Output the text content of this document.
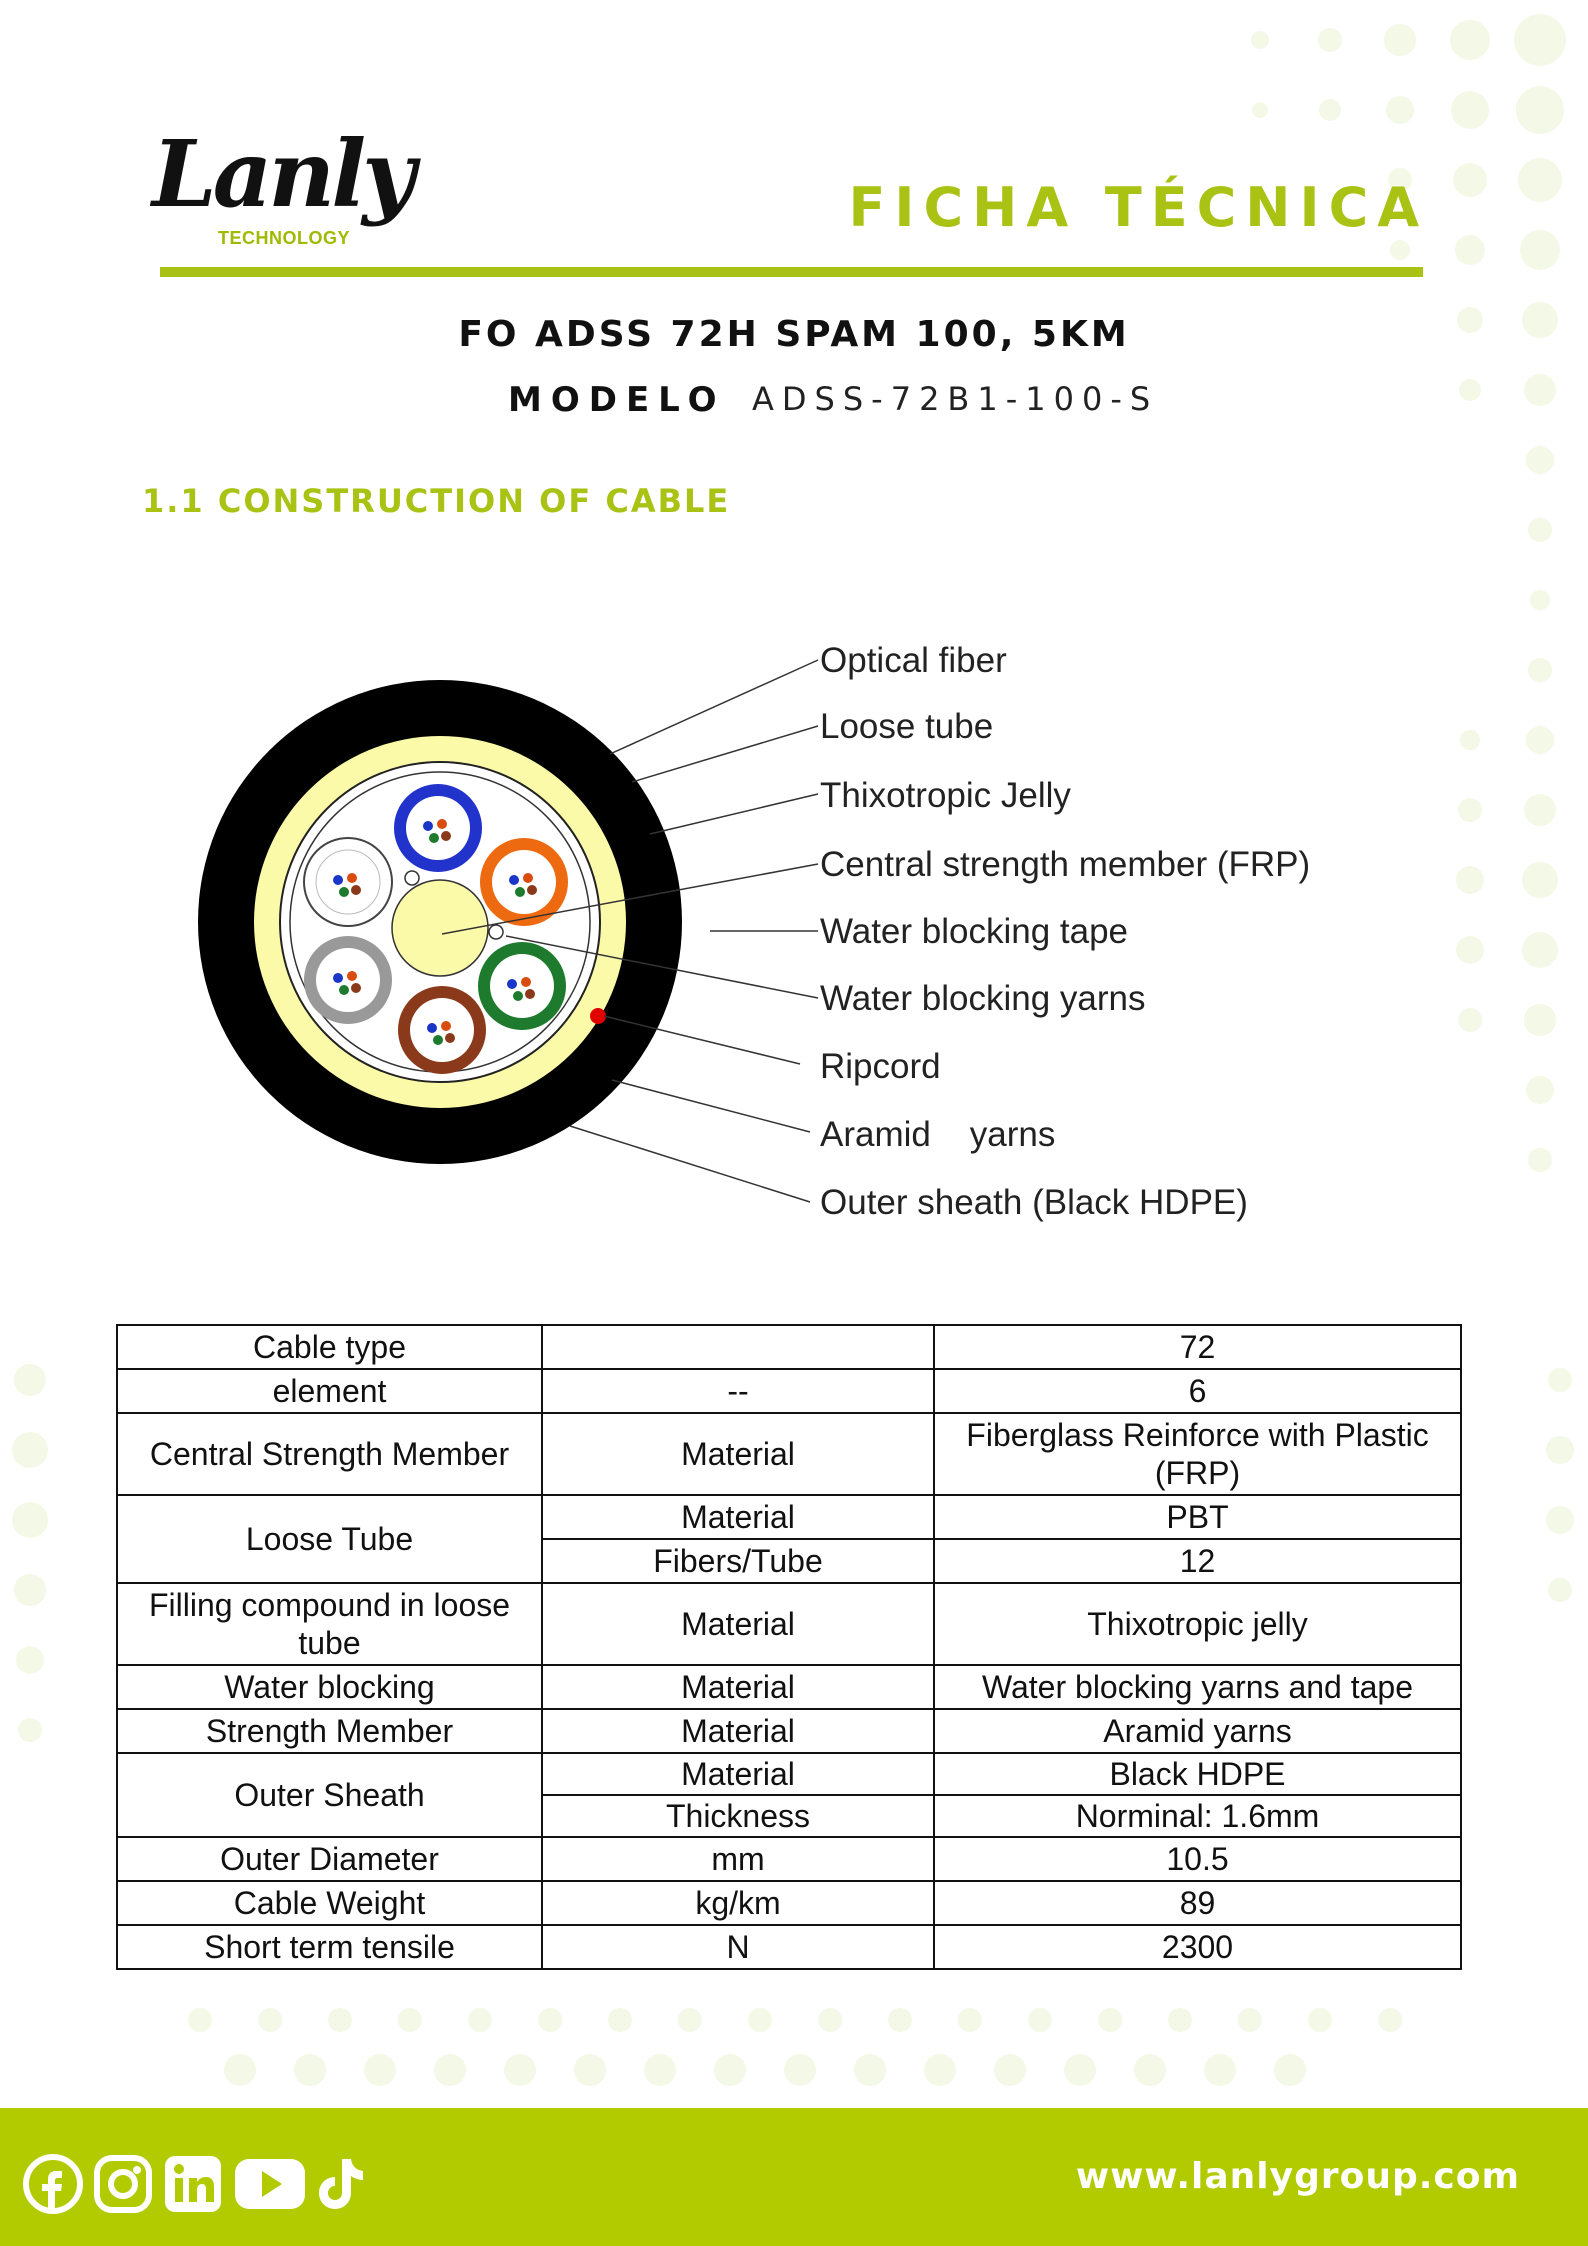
Lanly
TECHNOLOGY	FICHA TÉCNICA
FO ADSS 72H SPAM 100, 5KM
MODELO ADSS-72B1-100-S
1.1 CONSTRUCTION OF CABLE
Optical fiber
Loose tube
Thixotropic Jelly
Central strength member (FRP)
Water blocking tape
Water blocking yarns
Ripcord
Aramid    yarns
Outer sheath (Black HDPE)
Cable type		72
element	--	6
Central Strength Member	Material	Fiberglass Reinforce with Plastic (FRP)
Loose Tube	Material	PBT
	Fibers/Tube	12
Filling compound in loose tube	Material	Thixotropic jelly
Water blocking	Material	Water blocking yarns and tape
Strength Member	Material	Aramid yarns
Outer Sheath	Material	Black HDPE
	Thickness	Norminal: 1.6mm
Outer Diameter	mm	10.5
Cable Weight	kg/km	89
Short term tensile	N	2300
www.lanlygroup.com
